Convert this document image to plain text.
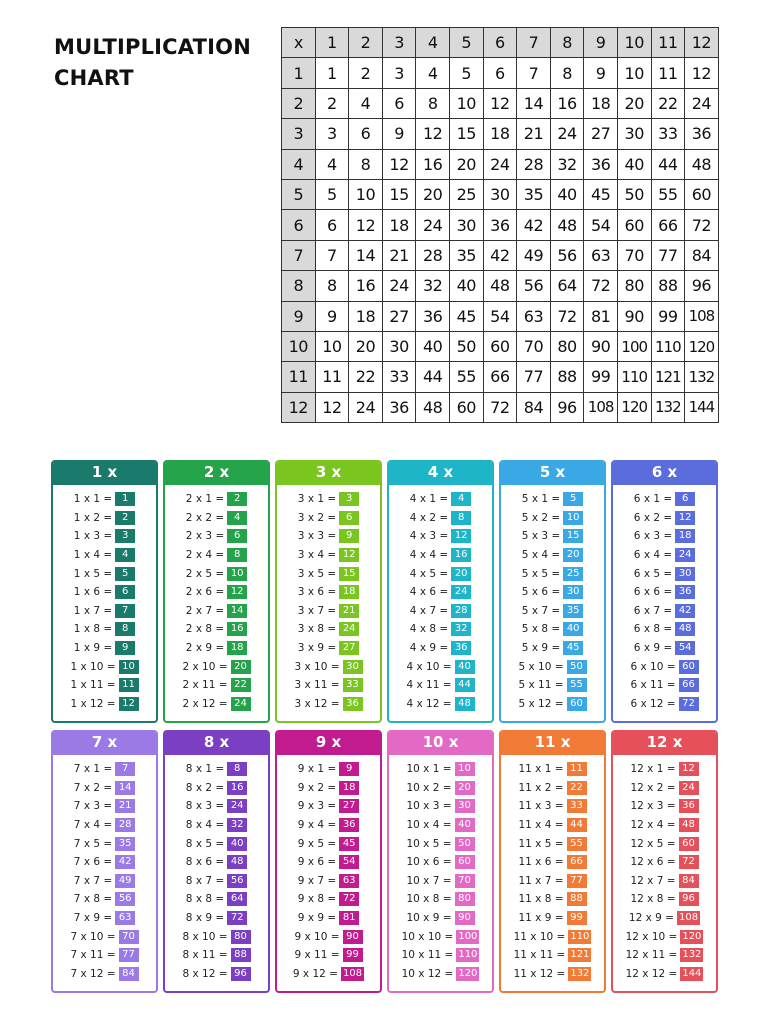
MULTIPLICATION
CHART
x	1	2	3	4	5	6	7	8	9	10	11	12
1	1	2	3	4	5	6	7	8	9	10	11	12
2	2	4	6	8	10	12	14	16	18	20	22	24
3	3	6	9	12	15	18	21	24	27	30	33	36
4	4	8	12	16	20	24	28	32	36	40	44	48
5	5	10	15	20	25	30	35	40	45	50	55	60
6	6	12	18	24	30	36	42	48	54	60	66	72
7	7	14	21	28	35	42	49	56	63	70	77	84
8	8	16	24	32	40	48	56	64	72	80	88	96
9	9	18	27	36	45	54	63	72	81	90	99	108
10	10	20	30	40	50	60	70	80	90	100	110	120
11	11	22	33	44	55	66	77	88	99	110	121	132
12	12	24	36	48	60	72	84	96	108	120	132	144
1 x
1 x 1 = 1
1 x 2 = 2
1 x 3 = 3
1 x 4 = 4
1 x 5 = 5
1 x 6 = 6
1 x 7 = 7
1 x 8 = 8
1 x 9 = 9
1 x 10 = 10
1 x 11 = 11
1 x 12 = 12
2 x
2 x 1 = 2
2 x 2 = 4
2 x 3 = 6
2 x 4 = 8
2 x 5 = 10
2 x 6 = 12
2 x 7 = 14
2 x 8 = 16
2 x 9 = 18
2 x 10 = 20
2 x 11 = 22
2 x 12 = 24
3 x
3 x 1 = 3
3 x 2 = 6
3 x 3 = 9
3 x 4 = 12
3 x 5 = 15
3 x 6 = 18
3 x 7 = 21
3 x 8 = 24
3 x 9 = 27
3 x 10 = 30
3 x 11 = 33
3 x 12 = 36
4 x
4 x 1 = 4
4 x 2 = 8
4 x 3 = 12
4 x 4 = 16
4 x 5 = 20
4 x 6 = 24
4 x 7 = 28
4 x 8 = 32
4 x 9 = 36
4 x 10 = 40
4 x 11 = 44
4 x 12 = 48
5 x
5 x 1 = 5
5 x 2 = 10
5 x 3 = 15
5 x 4 = 20
5 x 5 = 25
5 x 6 = 30
5 x 7 = 35
5 x 8 = 40
5 x 9 = 45
5 x 10 = 50
5 x 11 = 55
5 x 12 = 60
6 x
6 x 1 = 6
6 x 2 = 12
6 x 3 = 18
6 x 4 = 24
6 x 5 = 30
6 x 6 = 36
6 x 7 = 42
6 x 8 = 48
6 x 9 = 54
6 x 10 = 60
6 x 11 = 66
6 x 12 = 72
7 x
7 x 1 = 7
7 x 2 = 14
7 x 3 = 21
7 x 4 = 28
7 x 5 = 35
7 x 6 = 42
7 x 7 = 49
7 x 8 = 56
7 x 9 = 63
7 x 10 = 70
7 x 11 = 77
7 x 12 = 84
8 x
8 x 1 = 8
8 x 2 = 16
8 x 3 = 24
8 x 4 = 32
8 x 5 = 40
8 x 6 = 48
8 x 7 = 56
8 x 8 = 64
8 x 9 = 72
8 x 10 = 80
8 x 11 = 88
8 x 12 = 96
9 x
9 x 1 = 9
9 x 2 = 18
9 x 3 = 27
9 x 4 = 36
9 x 5 = 45
9 x 6 = 54
9 x 7 = 63
9 x 8 = 72
9 x 9 = 81
9 x 10 = 90
9 x 11 = 99
9 x 12 = 108
10 x
10 x 1 = 10
10 x 2 = 20
10 x 3 = 30
10 x 4 = 40
10 x 5 = 50
10 x 6 = 60
10 x 7 = 70
10 x 8 = 80
10 x 9 = 90
10 x 10 = 100
10 x 11 = 110
10 x 12 = 120
11 x
11 x 1 = 11
11 x 2 = 22
11 x 3 = 33
11 x 4 = 44
11 x 5 = 55
11 x 6 = 66
11 x 7 = 77
11 x 8 = 88
11 x 9 = 99
11 x 10 = 110
11 x 11 = 121
11 x 12 = 132
12 x
12 x 1 = 12
12 x 2 = 24
12 x 3 = 36
12 x 4 = 48
12 x 5 = 60
12 x 6 = 72
12 x 7 = 84
12 x 8 = 96
12 x 9 = 108
12 x 10 = 120
12 x 11 = 132
12 x 12 = 144
